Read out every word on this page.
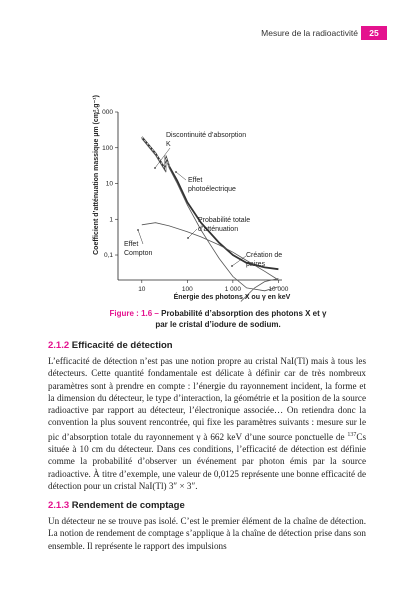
Mesure de la radioactivité	25
10	100	1 000	10 000
1 000
100
10
1
0,1
Coefficient d’atténuation massique µm (cm².g⁻¹)
Énergie des photons X ou γ en keV
Discontinuité d’absorption
K
Effet
photoélectrique
Probabilité totale
d’atténuation
Effet
Compton	Création de
paires
Figure : 1.6 – Probabilité d’absorption des photons X et γ
par le cristal d’iodure de sodium.
2.1.2 Efficacité de détection

L’efficacité de détection n’est pas une notion propre au cristal NaI(Tl) mais à tous les détecteurs. Cette quantité fondamentale est délicate à définir car de très nombreux paramètres sont à prendre en compte : l’énergie du rayonnement incident, la forme et la dimension du détecteur, le type d’interaction, la géométrie et la position de la source radioactive par rapport au détecteur, l’électronique associée… On retiendra donc la convention la plus souvent rencontrée, qui fixe les paramètres suivants : mesure sur le pic d’absorption totale du rayonnement γ à 662 keV d’une source ponctuelle de $^{137}$Cs située à 10 cm du détecteur. Dans ces conditions, l’efficacité de détection est définie comme la probabilité d’observer un événement par photon émis par la source radioactive. À titre d’exemple, une valeur de 0,0125 représente une bonne efficacité de détection pour un cristal NaI(Tl) 3″ × 3″.

2.1.3 Rendement de comptage

Un détecteur ne se trouve pas isolé. C’est le premier élément de la chaîne de détection. La notion de rendement de comptage s’applique à la chaîne de détection prise dans son ensemble. Il représente le rapport des impulsions
